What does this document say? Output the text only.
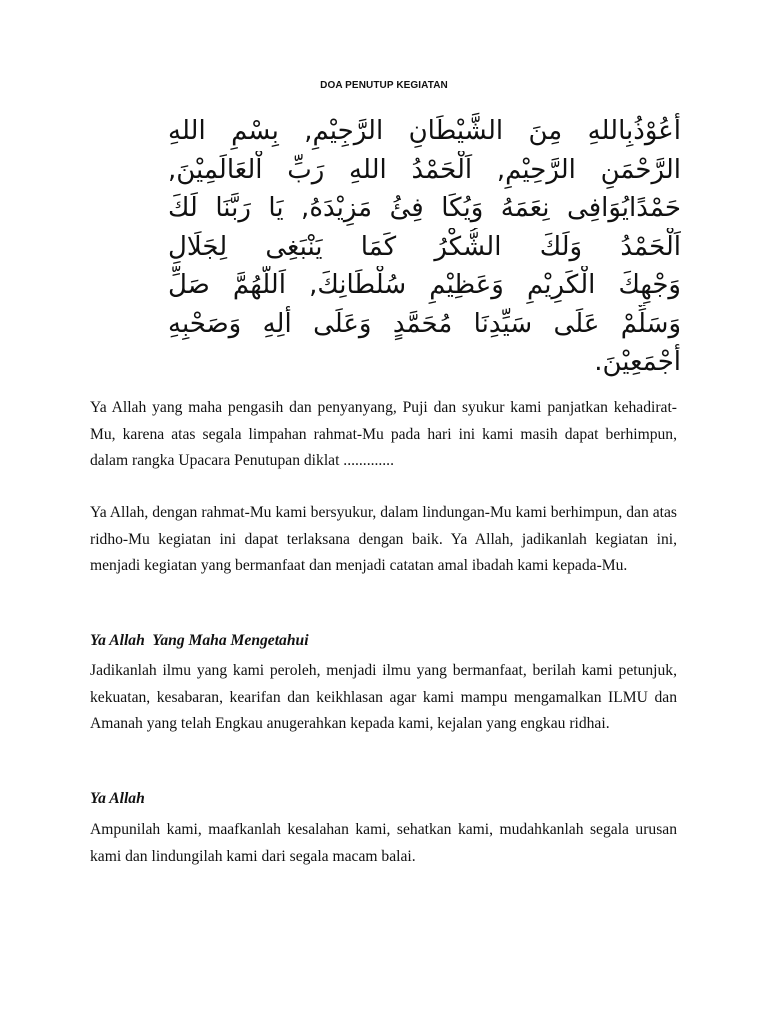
DOA PENUTUP KEGIATAN
أَعُوْذُبِاللهِ مِنَ الشَّيْطَانِ الرَّجِيْمِ, بِسْمِ اللهِ
الرَّحْمَنِ الرَّحِيْمِ, اَلْحَمْدُ اللهِ رَبِّ اْلعَالَمِيْنَ,
حَمْدًايُوَافِى نِعَمَهُ وَيُكَا فِئُ مَزِيْدَهُ, يَا رَبَّنَا لَكَ
اَلْحَمْدُ وَلَكَ الشُّكْرُ كَمَا يَنْبَغِى لِجَلَالِ
وَجْهِكَ الْكَرِيْمِ وَعَظِيْمِ سُلْطَانِكَ, اَللَّهُمَّ صَلِّ
وَسَلِّمْ عَلَى سَيِّدِنَا مُحَمَّدٍ وَعَلَى أٰلِهِ وَصَحْبِهِ
أَجْمَعِيْنَ.

Ya Allah yang maha pengasih dan penyanyang, Puji dan syukur kami panjatkan kehadirat-Mu, karena atas segala limpahan rahmat-Mu pada hari ini kami masih dapat berhimpun, dalam rangka Upacara Penutupan diklat .............

Ya Allah, dengan rahmat-Mu kami bersyukur, dalam lindungan-Mu kami berhimpun, dan atas ridho-Mu kegiatan ini dapat terlaksana dengan baik. Ya Allah, jadikanlah kegiatan ini, menjadi kegiatan yang bermanfaat dan menjadi catatan amal ibadah kami kepada-Mu.

Ya Allah  Yang Maha Mengetahui

Jadikanlah ilmu yang kami peroleh, menjadi ilmu yang bermanfaat, berilah kami petunjuk, kekuatan, kesabaran, kearifan dan keikhlasan agar kami mampu mengamalkan ILMU dan Amanah yang telah Engkau anugerahkan kepada kami, kejalan yang engkau ridhai.

Ya Allah

Ampunilah kami, maafkanlah kesalahan kami, sehatkan kami, mudahkanlah segala urusan kami dan lindungilah kami dari segala macam balai.
